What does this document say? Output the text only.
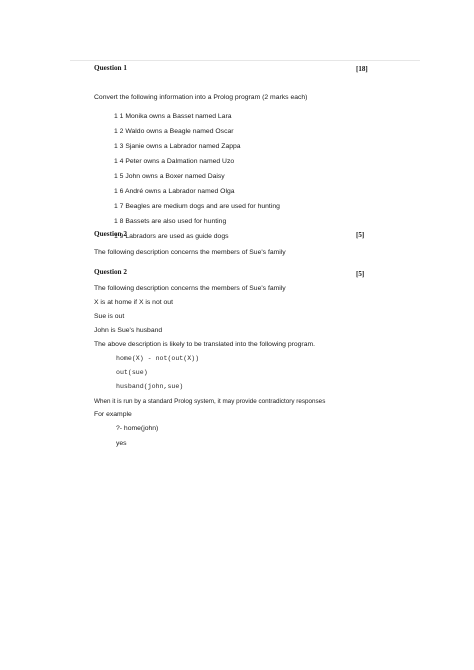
Question 1	[18]
Convert the following information into a Prolog program (2 marks each)
1 1 Monika owns a Basset named Lara
1 2 Waldo owns a Beagle named Oscar
1 3 Sjanie owns a Labrador named Zappa
1 4 Peter owns a Dalmation named Uzo
1 5 John owns a Boxer named Daisy
1 6 André owns a Labrador named Olga
1 7 Beagles are medium dogs and are used for hunting
1 8 Bassets are also used for hunting
1 9 Labradors are used as guide dogs
Question 2	[5]
The following description concerns the members of Sue's family
Question 2	[5]
The following description concerns the members of Sue's family
X is at home if X is not out
Sue is out
John is Sue's husband
The above description is likely to be translated into the following program.
home(X) - not(out(X))
out(sue)
husband(john,sue)
When it is run by a standard Prolog system, it may provide contradictory responses
For example
?- home(john)
yes
